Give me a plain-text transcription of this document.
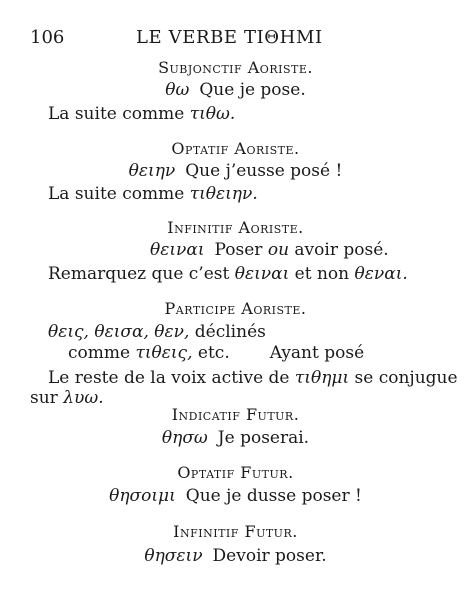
106	LE VERBE ΤΙΘΗΜΙ
Subjonctif Aoriste.
θω Que je pose.
La suite comme τιθω.
Optatif Aoriste.
θειην Que j’eusse posé !
La suite comme τιθειην.
Infinitif Aoriste.
θειναι Poser ou avoir posé.
Remarquez que c’est θειναι et non θεναι.
Participe Aoriste.
θεις, θεισα, θεν, déclinés
comme τιθεις, etc. Ayant posé
Le reste de la voix active de τιθημι se conjugue
sur λυω.
Indicatif Futur.
θησω Je poserai.
Optatif Futur.
θησοιμι Que je dusse poser !
Infinitif Futur.
θησειν Devoir poser.
